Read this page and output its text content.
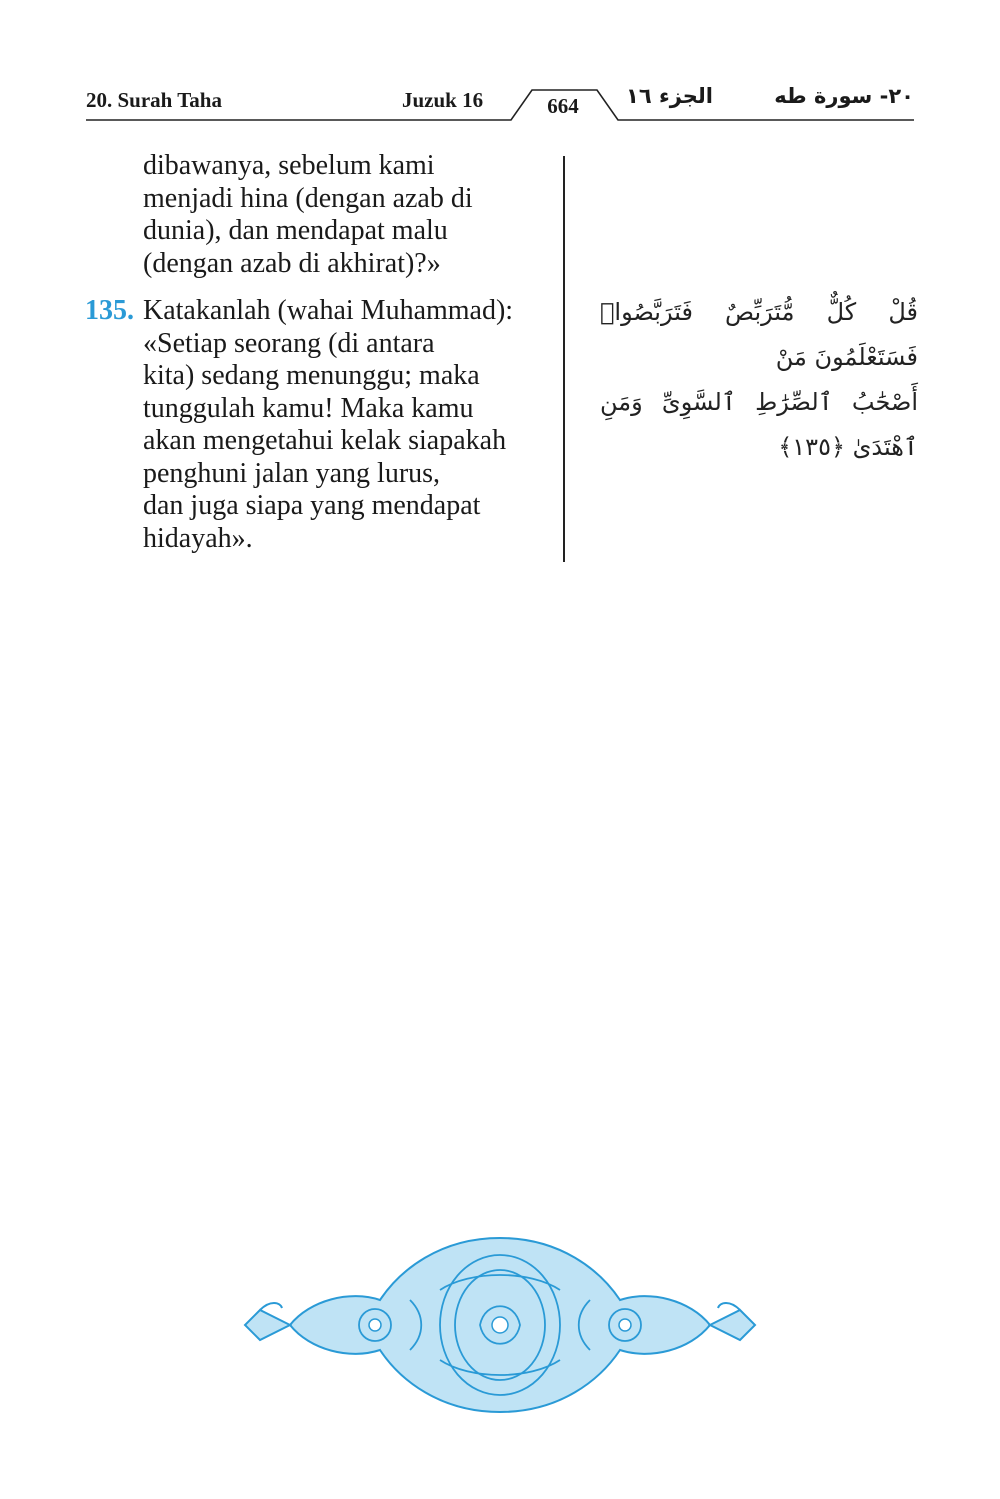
20. Surah Taha	Juzuk 16	664	الجزء ١٦	٢٠- سورة طه

dibawanya, sebelum kami
menjadi hina (dengan azab di
dunia), dan mendapat malu
(dengan azab di akhirat)?»

135. Katakanlah (wahai Muhammad):
«Setiap seorang (di antara
kita) sedang menunggu; maka
tunggulah kamu! Maka kamu
akan mengetahui kelak siapakah
penghuni jalan yang lurus,
dan juga siapa yang mendapat
hidayah».

قُلْ كُلٌّ مُّتَرَبِّصٌ فَتَرَبَّصُوا۟ فَسَتَعْلَمُونَ مَنْ
أَصْحَٰبُ ٱلصِّرَٰطِ ٱلسَّوِىِّ وَمَنِ ٱهْتَدَىٰ ﴿١٣٥﴾
